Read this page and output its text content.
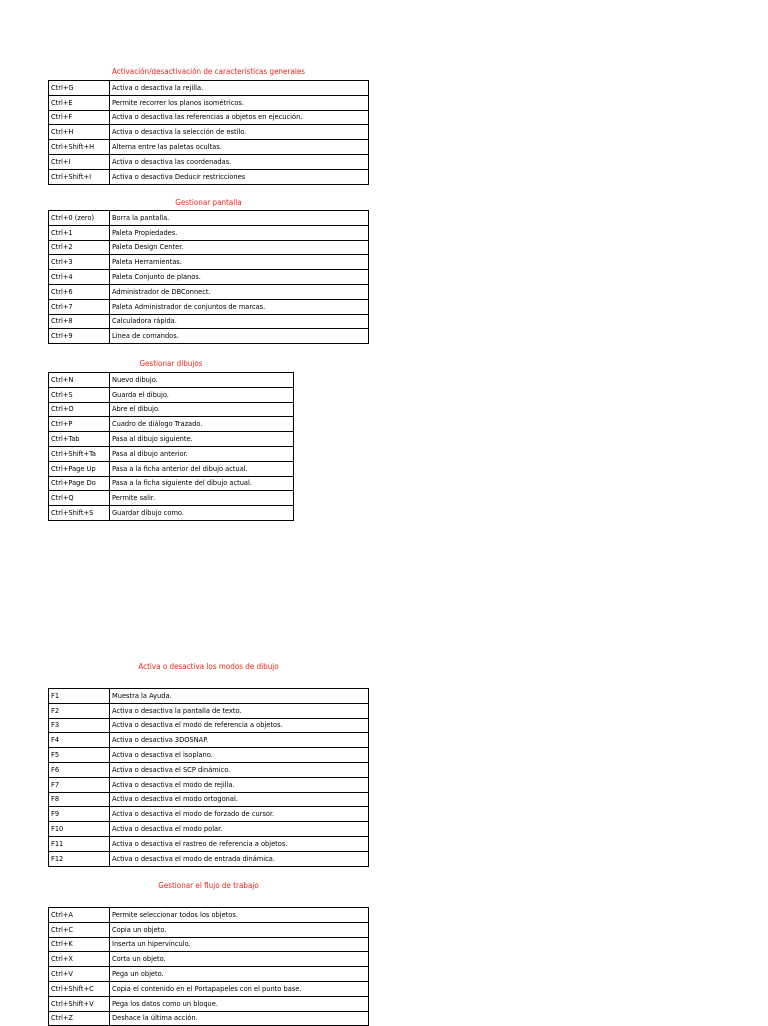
Activación/desactivación de características generales
Ctrl+G	Activa o desactiva la rejilla.
Ctrl+E	Permite recorrer los planos isométricos.
Ctrl+F	Activa o desactiva las referencias a objetos en ejecución.
Ctrl+H	Activa o desactiva la selección de estilo.
Ctrl+Shift+H	Alterna entre las paletas ocultas.
Ctrl+I	Activa o desactiva las coordenadas.
Ctrl+Shift+I	Activa o desactiva Deducir restricciones
Gestionar pantalla
Ctrl+0 (zero)	Borra la pantalla.
Ctrl+1	Paleta Propiedades.
Ctrl+2	Paleta Design Center.
Ctrl+3	Paleta Herramientas.
Ctrl+4	Paleta Conjunto de planos.
Ctrl+6	Administrador de DBConnect.
Ctrl+7	Paleta Administrador de conjuntos de marcas.
Ctrl+8	Calculadora rápida.
Ctrl+9	Línea de comandos.
Gestionar dibujos
Ctrl+N	Nuevo dibujo.
Ctrl+S	Guarda el dibujo.
Ctrl+O	Abre el dibujo.
Ctrl+P	Cuadro de diálogo Trazado.
Ctrl+Tab	Pasa al dibujo siguiente.
Ctrl+Shift+Ta	Pasa al dibujo anterior.
Ctrl+Page Up	Pasa a la ficha anterior del dibujo actual.
Ctrl+Page Do	Pasa a la ficha siguiente del dibujo actual.
Ctrl+Q	Permite salir.
Ctrl+Shift+S	Guardar dibujo como.
Activa o desactiva los modos de dibujo
F1	Muestra la Ayuda.
F2	Activa o desactiva la pantalla de texto.
F3	Activa o desactiva el modo de referencia a objetos.
F4	Activa o desactiva 3DOSNAP.
F5	Activa o desactiva el isoplano.
F6	Activa o desactiva el SCP dinámico.
F7	Activa o desactiva el modo de rejilla.
F8	Activa o desactiva el modo ortogonal.
F9	Activa o desactiva el modo de forzado de cursor.
F10	Activa o desactiva el modo polar.
F11	Activa o desactiva el rastreo de referencia a objetos.
F12	Activa o desactiva el modo de entrada dinámica.
Gestionar el flujo de trabajo
Ctrl+A	Permite seleccionar todos los objetos.
Ctrl+C	Copia un objeto.
Ctrl+K	Inserta un hipervínculo.
Ctrl+X	Corta un objeto.
Ctrl+V	Pega un objeto.
Ctrl+Shift+C	Copia el contenido en el Portapapeles con el punto base.
Ctrl+Shift+V	Pega los datos como un bloque.
Ctrl+Z	Deshace la última acción.
